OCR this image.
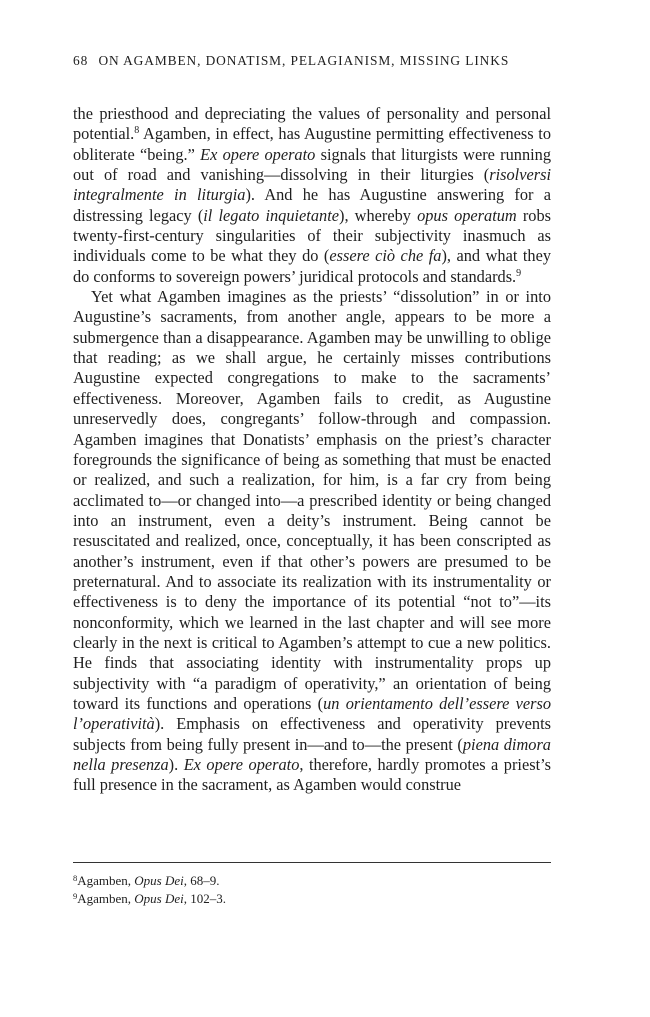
68 ON AGAMBEN, DONATISM, PELAGIANISM, MISSING LINKS

the priesthood and depreciating the values of personality and personal potential.$^8$ Agamben, in effect, has Augustine permitting effectiveness to obliterate “being.” Ex opere operato signals that liturgists were running out of road and vanishing—dissolving in their liturgies (risolversi integralmente in liturgia). And he has Augustine answering for a distressing legacy (il legato inquietante), whereby opus operatum robs twenty-first-century singularities of their subjectivity inasmuch as individuals come to be what they do (essere ciò che fa), and what they do conforms to sovereign powers’ juridical protocols and standards.$^9$

Yet what Agamben imagines as the priests’ “dissolution” in or into Augustine’s sacraments, from another angle, appears to be more a submergence than a disappearance. Agamben may be unwilling to oblige that reading; as we shall argue, he certainly misses contributions Augustine expected congregations to make to the sacraments’ effectiveness. Moreover, Agamben fails to credit, as Augustine unreservedly does, congregants’ follow-through and compassion. Agamben imagines that Donatists’ emphasis on the priest’s character foregrounds the significance of being as something that must be enacted or realized, and such a realization, for him, is a far cry from being acclimated to—or changed into—a prescribed identity or being changed into an instrument, even a deity’s instrument. Being cannot be resuscitated and realized, once, conceptually, it has been conscripted as another’s instrument, even if that other’s powers are presumed to be preternatural. And to associate its realization with its instrumentality or effectiveness is to deny the importance of its potential “not to”—its nonconformity, which we learned in the last chapter and will see more clearly in the next is critical to Agamben’s attempt to cue a new politics. He finds that associating identity with instrumentality props up subjectivity with “a paradigm of operativity,” an orientation of being toward its functions and operations (un orientamento dell’essere verso l’operatività). Emphasis on effectiveness and operativity prevents subjects from being fully present in—and to—the present (piena dimora nella presenza). Ex opere operato, therefore, hardly promotes a priest’s full presence in the sacrament, as Agamben would construe

$^8$Agamben, Opus Dei, 68–9.
$^9$Agamben, Opus Dei, 102–3.
